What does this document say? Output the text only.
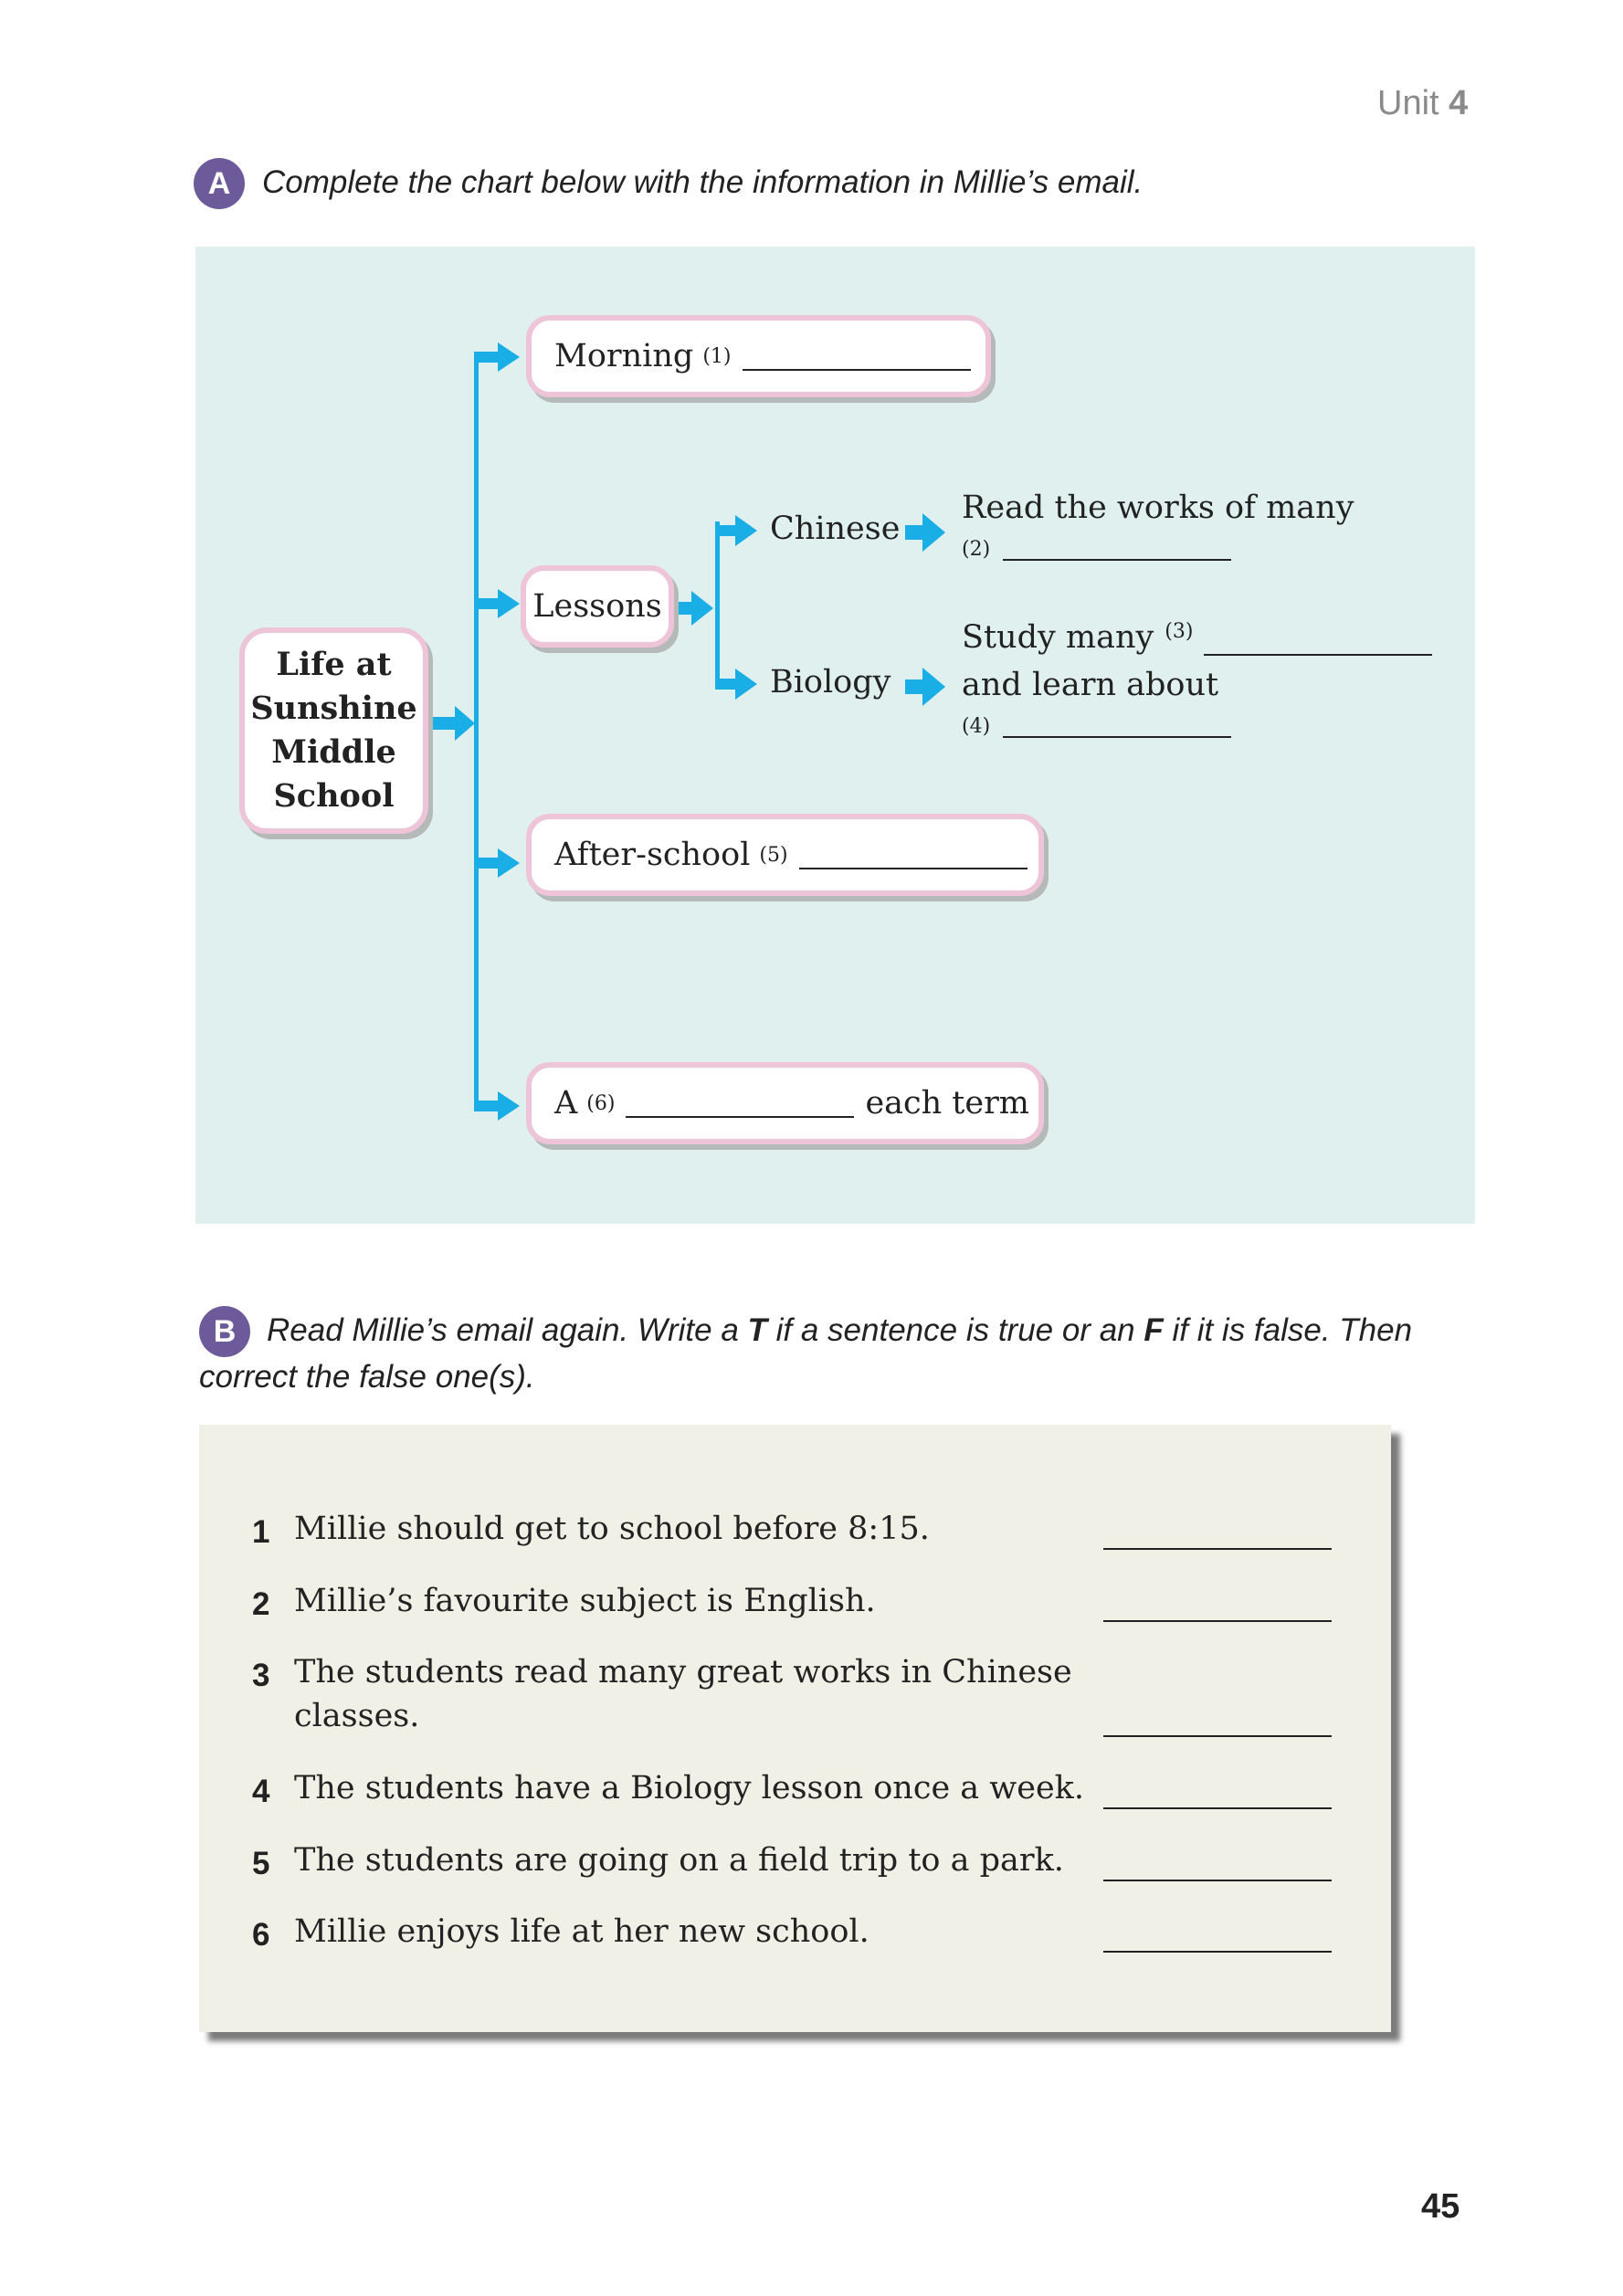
Unit 4
A Complete the chart below with the information in Millie’s email.
Life at
Sunshine
Middle
School
Morning (1)
Lessons
Chinese
Read the works of many
(2)
Biology
Study many (3)
and learn about
(4)
After-school (5)
A (6)	each term
B Read Millie’s email again. Write a T if a sentence is true or an F if it is false. Then
correct the false one(s).
1 Millie should get to school before 8:15.
2 Millie’s favourite subject is English.
3 The students read many great works in Chinese
classes.
4 The students have a Biology lesson once a week.
5 The students are going on a field trip to a park.
6 Millie enjoys life at her new school.
45
